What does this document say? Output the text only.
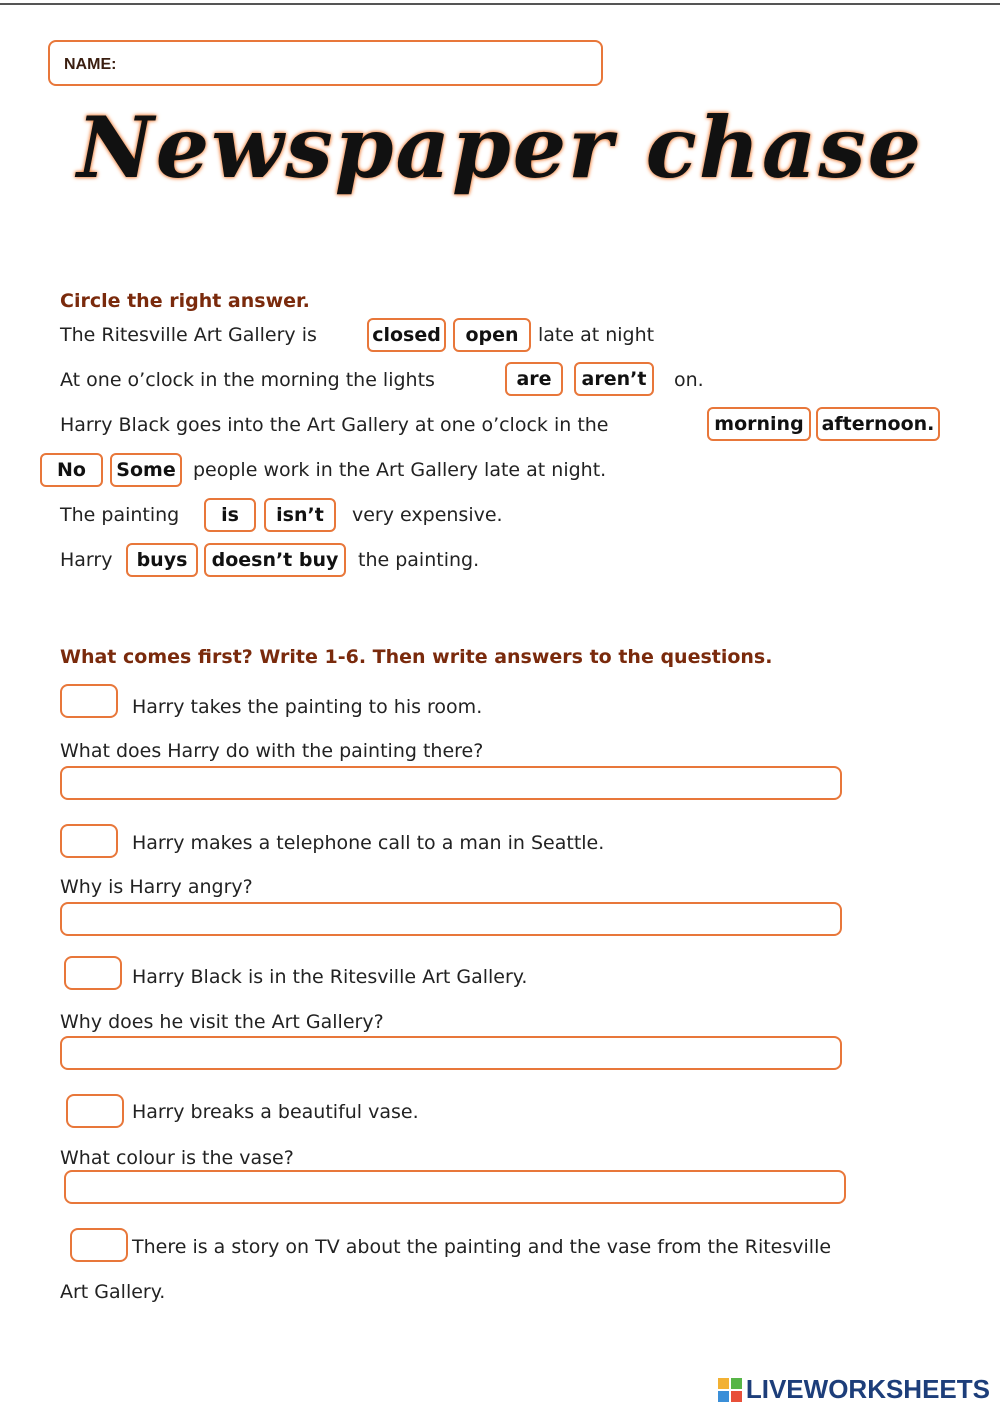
NAME:
Newspaper chase
Circle the right answer.
The Ritesville Art Gallery is	closed	open	late at night
At one o’clock in the morning the lights	are	aren’t	on.
Harry Black goes into the Art Gallery at one o’clock in the	morning afternoon.
No	Some people work in the Art Gallery late at night.
The painting	is	isn’t	very expensive.
Harry	buys	doesn’t buy	the painting.
What comes first? Write 1-6. Then write answers to the questions.
Harry takes the painting to his room.
What does Harry do with the painting there?
Harry makes a telephone call to a man in Seattle.
Why is Harry angry?
Harry Black is in the Ritesville Art Gallery.
Why does he visit the Art Gallery?
Harry breaks a beautiful vase.
What colour is the vase?
There is a story on TV about the painting and the vase from the Ritesville
Art Gallery.
LIVEWORKSHEETS
